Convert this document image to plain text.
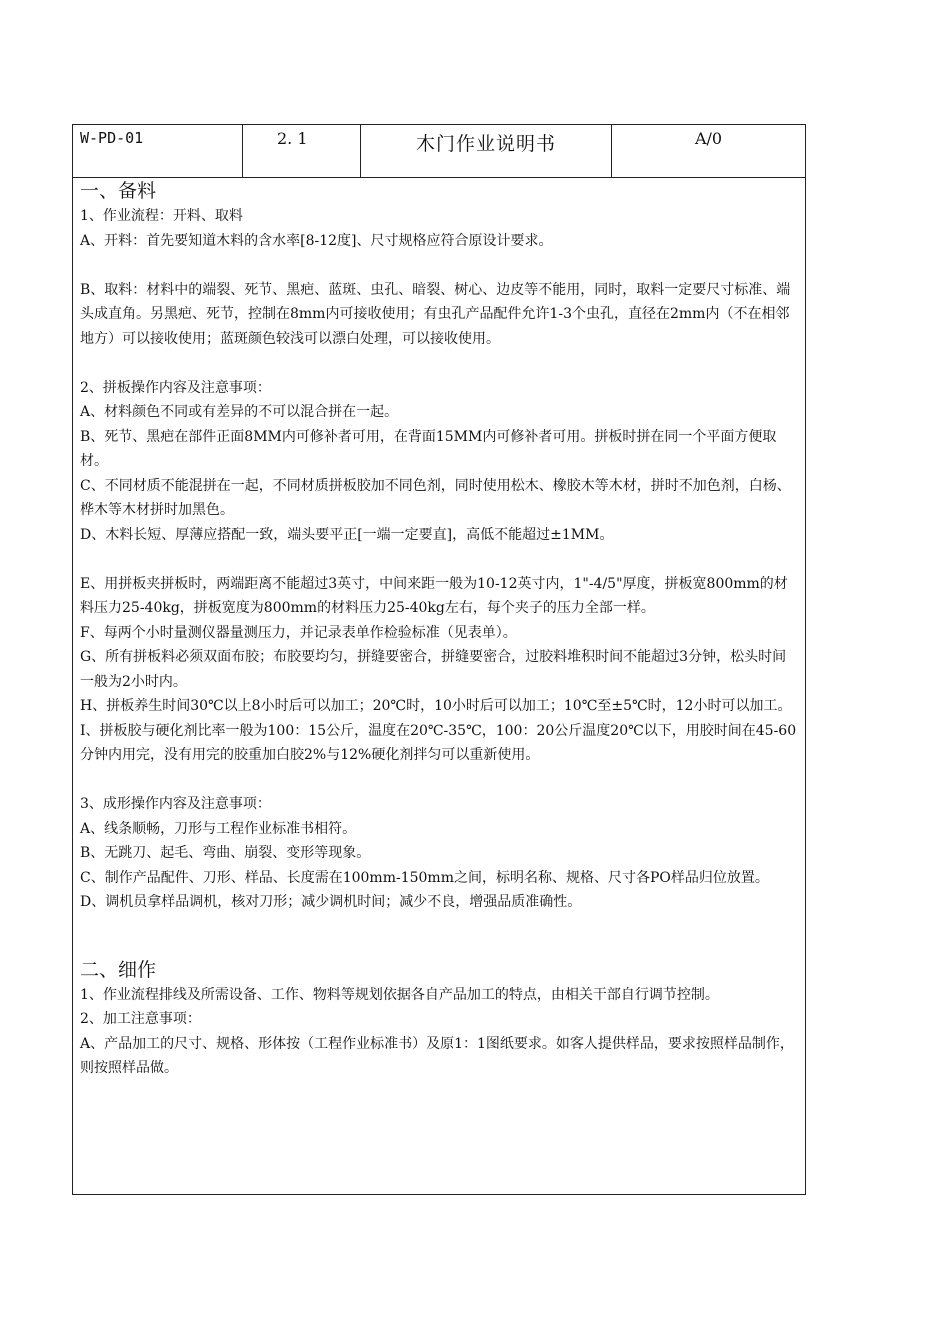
W-PD-01	2. 1	木门作业说明书	A/0
一、备料

1、作业流程：开料、取料

A、开料：首先要知道木料的含水率[8-12度]、尺寸规格应符合原设计要求。

B、取料：材料中的端裂、死节、黑疤、蓝斑、虫孔、暗裂、树心、边皮等不能用，同时，取料一定要尺寸标准、端头成直角。另黑疤、死节，控制在8mm内可接收使用；有虫孔产品配件允许1-3个虫孔，直径在2mm内（不在相邻地方）可以接收使用；蓝斑颜色较浅可以漂白处理，可以接收使用。

2、拼板操作内容及注意事项：

A、材料颜色不同或有差异的不可以混合拼在一起。

B、死节、黑疤在部件正面8MM内可修补者可用，在背面15MM内可修补者可用。拼板时拼在同一个平面方便取材。

C、不同材质不能混拼在一起，不同材质拼板胶加不同色剂，同时使用松木、橡胶木等木材，拼时不加色剂，白杨、桦木等木材拼时加黑色。

D、木料长短、厚薄应搭配一致，端头要平正[一端一定要直]，高低不能超过±1MM。

E、用拼板夹拼板时，两端距离不能超过3英寸，中间来距一般为10-12英寸内，1"-4/5"厚度，拼板宽800mm的材料压力25-40kg，拼板宽度为800mm的材料压力25-40kg左右，每个夹子的压力全部一样。

F、每两个小时量测仪器量测压力，并记录表单作检验标准（见表单）。

G、所有拼板料必须双面布胶；布胶要均匀，拼缝要密合，拼缝要密合，过胶料堆积时间不能超过3分钟，松头时间一般为2小时内。

H、拼板养生时间30℃以上8小时后可以加工；20℃时，10小时后可以加工；10℃至±5℃时，12小时可以加工。

I、拼板胶与硬化剂比率一般为100：15公斤，温度在20℃-35℃，100：20公斤温度20℃以下，用胶时间在45-60分钟内用完，没有用完的胶重加白胶2%与12%硬化剂拌匀可以重新使用。

3、成形操作内容及注意事项：

A、线条顺畅，刀形与工程作业标准书相符。

B、无跳刀、起毛、弯曲、崩裂、变形等现象。

C、制作产品配件、刀形、样品、长度需在100mm-150mm之间，标明名称、规格、尺寸各PO样品归位放置。

D、调机员拿样品调机，核对刀形；减少调机时间；减少不良，增强品质准确性。

二、细作

1、作业流程排线及所需设备、工作、物料等规划依据各自产品加工的特点，由相关干部自行调节控制。

2、加工注意事项：

A、产品加工的尺寸、规格、形体按（工程作业标准书）及原1：1图纸要求。如客人提供样品，要求按照样品制作，则按照样品做。
